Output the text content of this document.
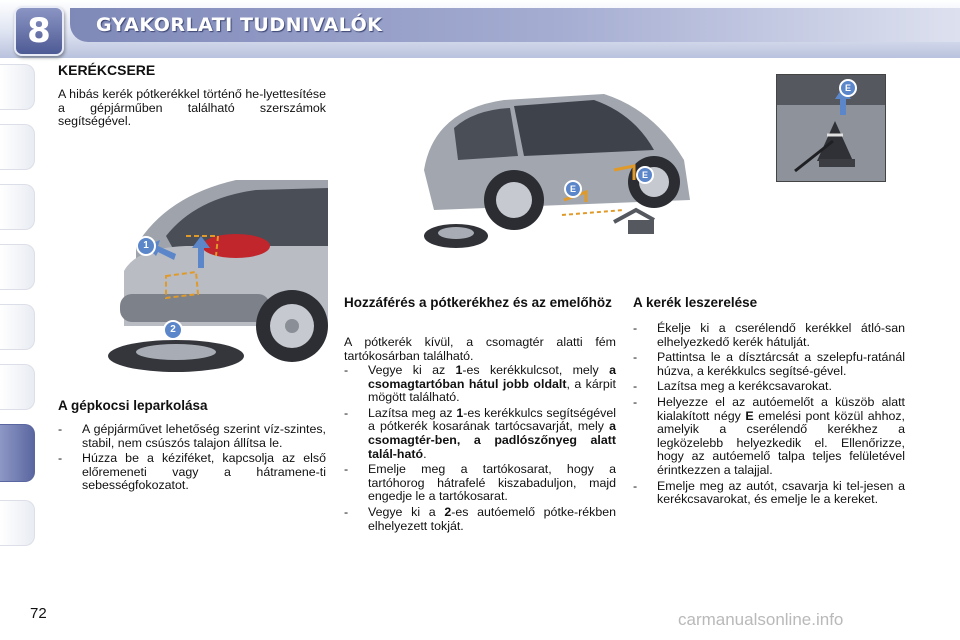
8	GYAKORLATI TUDNIVALÓK
KERÉKCSERE

A hibás kerék pótkerékkel történő he-lyettesítése a gépjárműben található szerszámok segítségével.

1
2
E
E
E
A gépkocsi leparkolása
- A gépjárművet lehetőség szerint víz-szintes, stabil, nem csúszós talajon állítsa le.
- Húzza be a kéziféket, kapcsolja az első előremeneti vagy a hátramene-ti sebességfokozatot.
Hozzáférés a pótkerékhez és az emelőhöz

A pótkerék kívül, a csomagtér alatti fém tartókosárban található.

- Vegye ki az 1-es kerékkulcsot, mely a csomagtartóban hátul jobb oldalt, a kárpit mögött található.
- Lazítsa meg az 1-es kerékkulcs segítségével a pótkerék kosarának tartócsavarját, mely a csomagtér-ben, a padlószőnyeg alatt talál-ható.
- Emelje meg a tartókosarat, hogy a tartóhorog hátrafelé kiszabaduljon, majd engedje le a tartókosarat.
- Vegye ki a 2-es autóemelő pótke-rékben elhelyezett tokját.
A kerék leszerelése
- Ékelje ki a cserélendő kerékkel átló-san elhelyezkedő kerék hátulját.
- Pattintsa le a dísztárcsát a szelepfu-ratánál húzva, a kerékkulcs segítsé-gével.
- Lazítsa meg a kerékcsavarokat.
- Helyezze el az autóemelőt a küszöb alatt kialakított négy E emelési pont közül ahhoz, amelyik a cserélendő kerékhez a legközelebb helyezkedik el. Ellenőrizze, hogy az autóemelő talpa teljes felületével érintkezzen a talajjal.
- Emelje meg az autót, csavarja ki tel-jesen a kerékcsavarokat, és emelje le a kereket.
72	carmanualsonline.info
